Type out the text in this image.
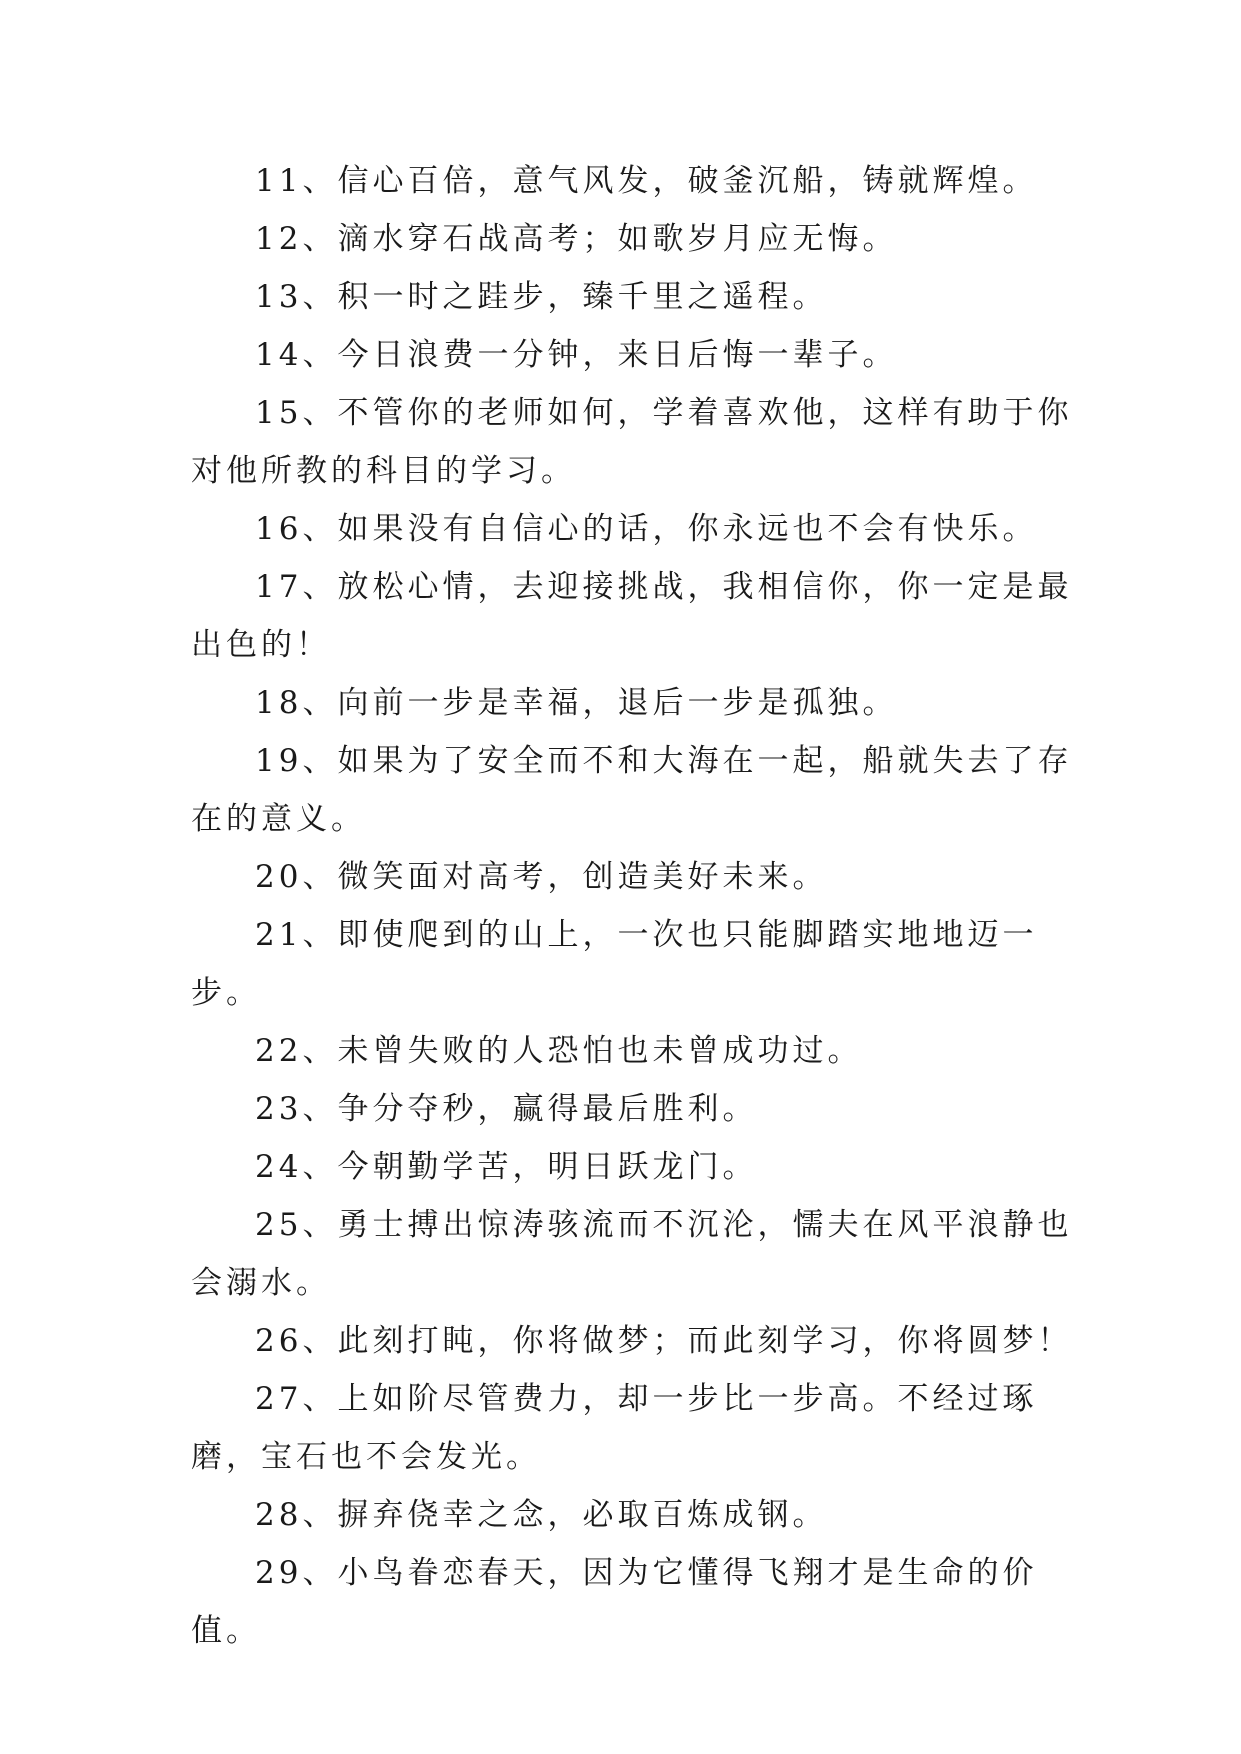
11、信心百倍，意气风发，破釜沉船，铸就辉煌。

12、滴水穿石战高考；如歌岁月应无悔。

13、积一时之跬步，臻千里之遥程。

14、今日浪费一分钟，来日后悔一辈子。

15、不管你的老师如何，学着喜欢他，这样有助于你对他所教的科目的学习。

16、如果没有自信心的话，你永远也不会有快乐。

17、放松心情，去迎接挑战，我相信你，你一定是最出色的！

18、向前一步是幸福，退后一步是孤独。

19、如果为了安全而不和大海在一起，船就失去了存在的意义。

20、微笑面对高考，创造美好未来。

21、即使爬到的山上，一次也只能脚踏实地地迈一步。

22、未曾失败的人恐怕也未曾成功过。

23、争分夺秒，赢得最后胜利。

24、今朝勤学苦，明日跃龙门。

25、勇士搏出惊涛骇流而不沉沦，懦夫在风平浪静也会溺水。

26、此刻打盹，你将做梦；而此刻学习，你将圆梦！

27、上如阶尽管费力，却一步比一步高。不经过琢磨，宝石也不会发光。

28、摒弃侥幸之念，必取百炼成钢。

29、小鸟眷恋春天，因为它懂得飞翔才是生命的价值。
